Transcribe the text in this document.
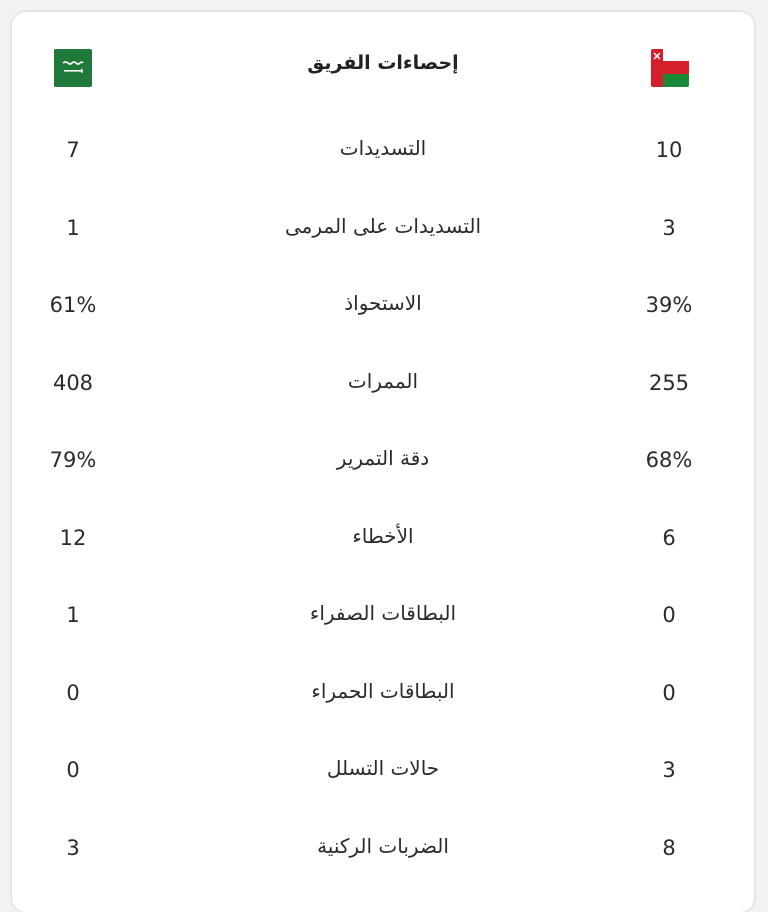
إحصاءات الفريق
7	التسديدات	10
1	التسديدات على المرمى	3
61%	الاستحواذ	39%
408	الممرات	255
79%	دقة التمرير	68%
12	الأخطاء	6
1	البطاقات الصفراء	0
0	البطاقات الحمراء	0
0	حالات التسلل	3
3	الضربات الركنية	8
